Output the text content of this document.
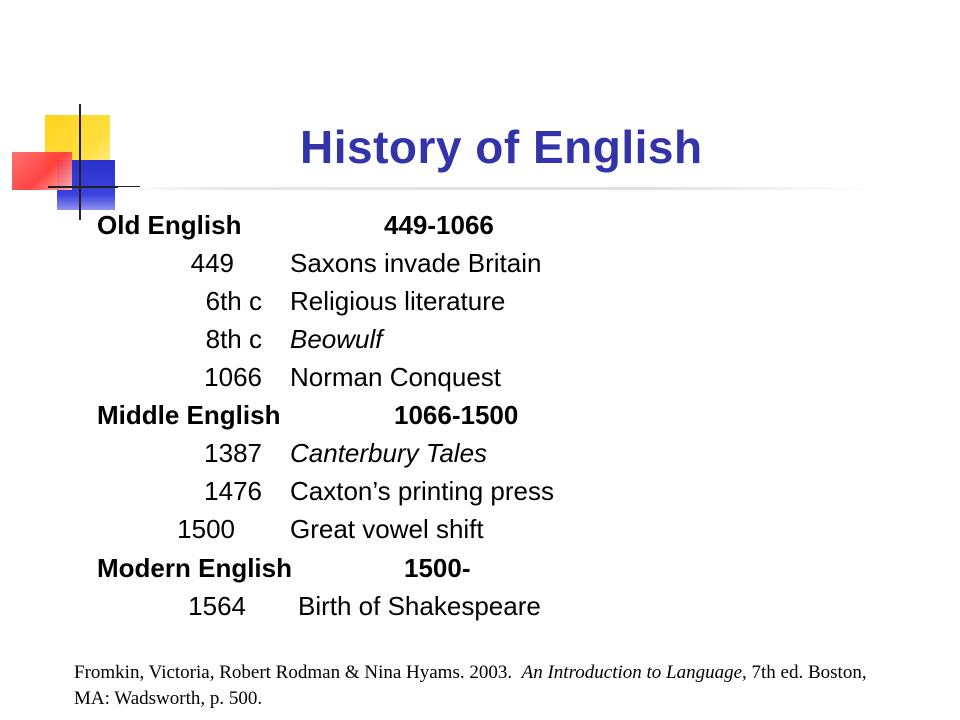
History of English
Old English	449-1066
449 Saxons invade Britain
6th c Religious literature
8th c Beowulf
1066 Norman Conquest
Middle English	1066-1500
1387 Canterbury Tales
1476 Caxton’s printing press
1500 Great vowel shift
Modern English	1500-
1564 Birth of Shakespeare
Fromkin, Victoria, Robert Rodman & Nina Hyams. 2003. An Introduction to Language, 7th ed. Boston, MA: Wadsworth, p. 500.
